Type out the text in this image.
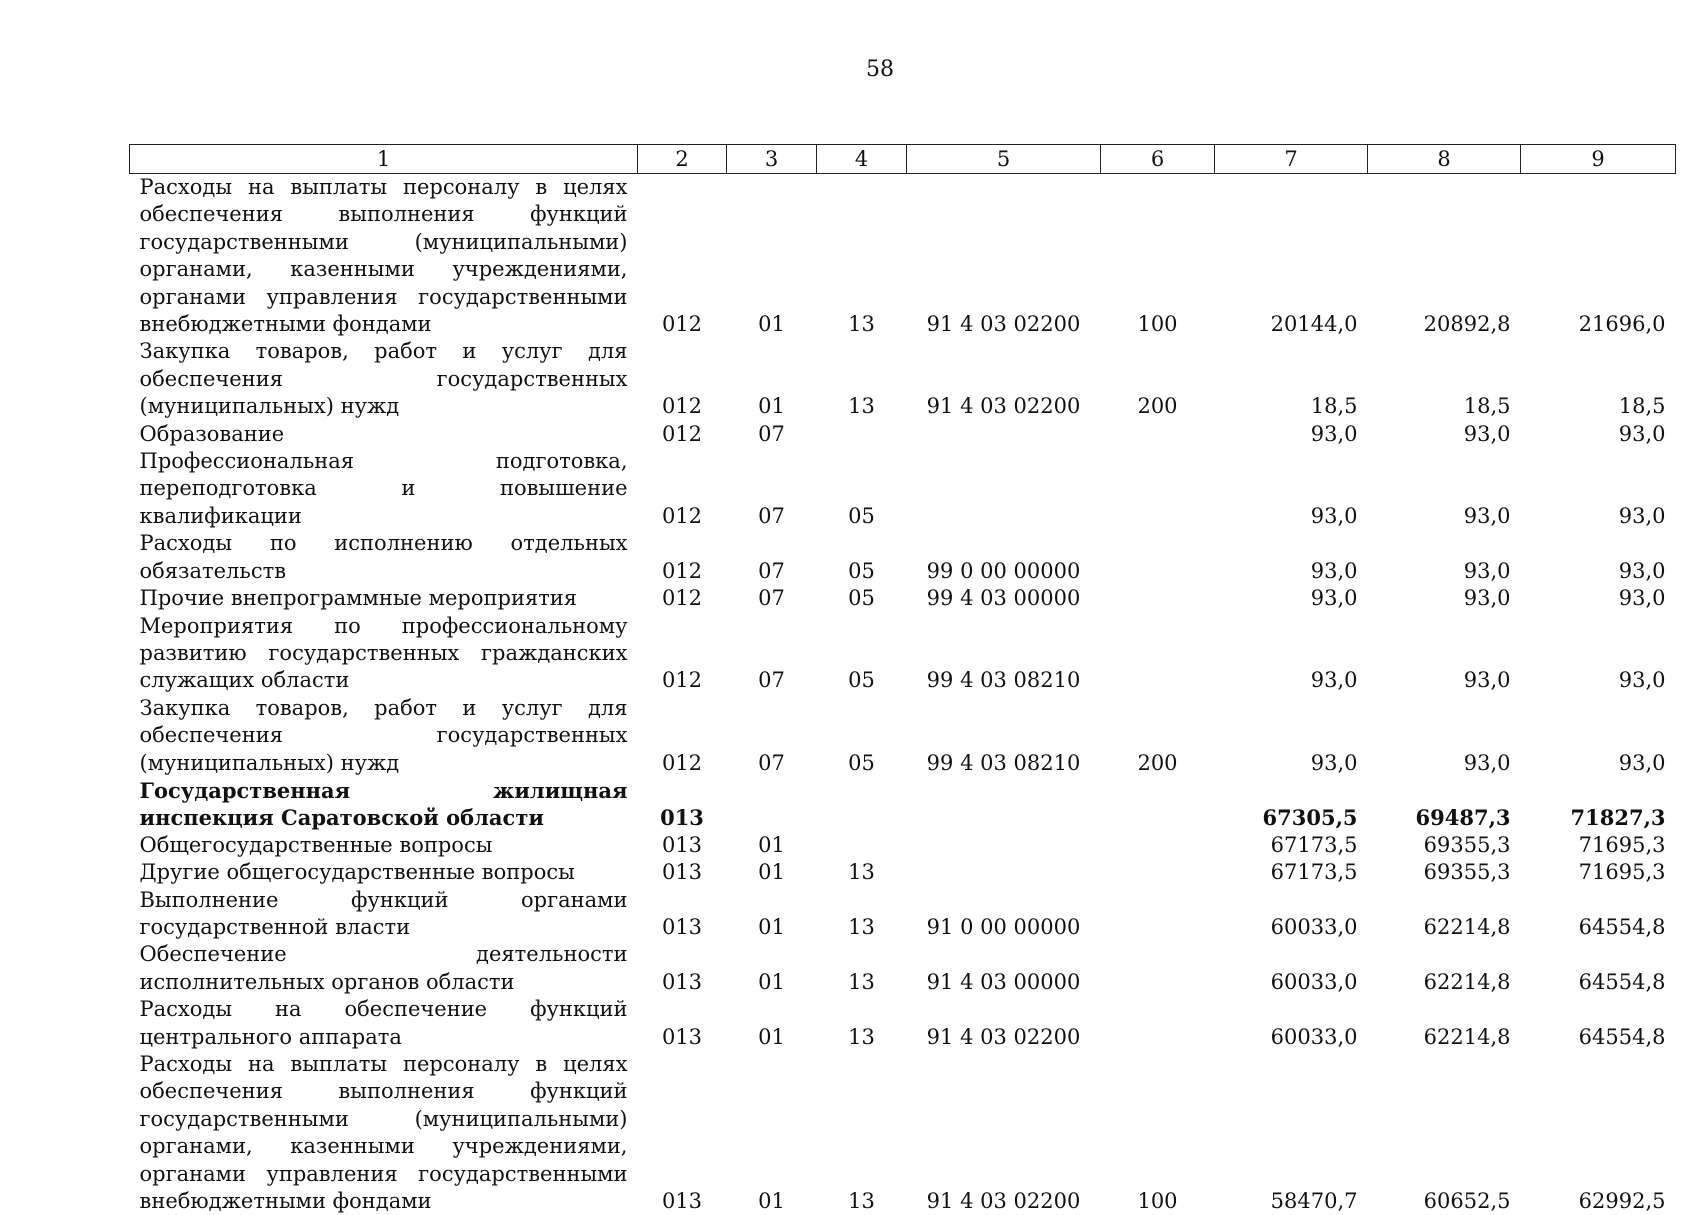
58
1	2	3	4	5	6	7	8	9
Расходы на выплаты персоналу в целях обеспечения выполнения функций государственными (муниципальными) органами, казенными учреждениями, органами управления государственными внебюджетными фондами	012	01	13	91 4 03 02200	100	20144,0	20892,8	21696,0
Закупка товаров, работ и услуг для обеспечения государственных (муниципальных) нужд	012	01	13	91 4 03 02200	200	18,5	18,5	18,5
Образование	012	07				93,0	93,0	93,0
Профессиональная подготовка, переподготовка и повышение квалификации	012	07	05			93,0	93,0	93,0
Расходы по исполнению отдельных обязательств	012	07	05	99 0 00 00000		93,0	93,0	93,0
Прочие внепрограммные мероприятия	012	07	05	99 4 03 00000		93,0	93,0	93,0
Мероприятия по профессиональному развитию государственных гражданских служащих области	012	07	05	99 4 03 08210		93,0	93,0	93,0
Закупка товаров, работ и услуг для обеспечения государственных (муниципальных) нужд	012	07	05	99 4 03 08210	200	93,0	93,0	93,0
Государственная жилищная инспекция Саратовской области	013					67305,5	69487,3	71827,3
Общегосударственные вопросы	013	01				67173,5	69355,3	71695,3
Другие общегосударственные вопросы	013	01	13			67173,5	69355,3	71695,3
Выполнение функций органами государственной власти	013	01	13	91 0 00 00000		60033,0	62214,8	64554,8
Обеспечение деятельности исполнительных органов области	013	01	13	91 4 03 00000		60033,0	62214,8	64554,8
Расходы на обеспечение функций центрального аппарата	013	01	13	91 4 03 02200		60033,0	62214,8	64554,8
Расходы на выплаты персоналу в целях обеспечения выполнения функций государственными (муниципальными) органами, казенными учреждениями, органами управления государственными внебюджетными фондами	013	01	13	91 4 03 02200	100	58470,7	60652,5	62992,5
